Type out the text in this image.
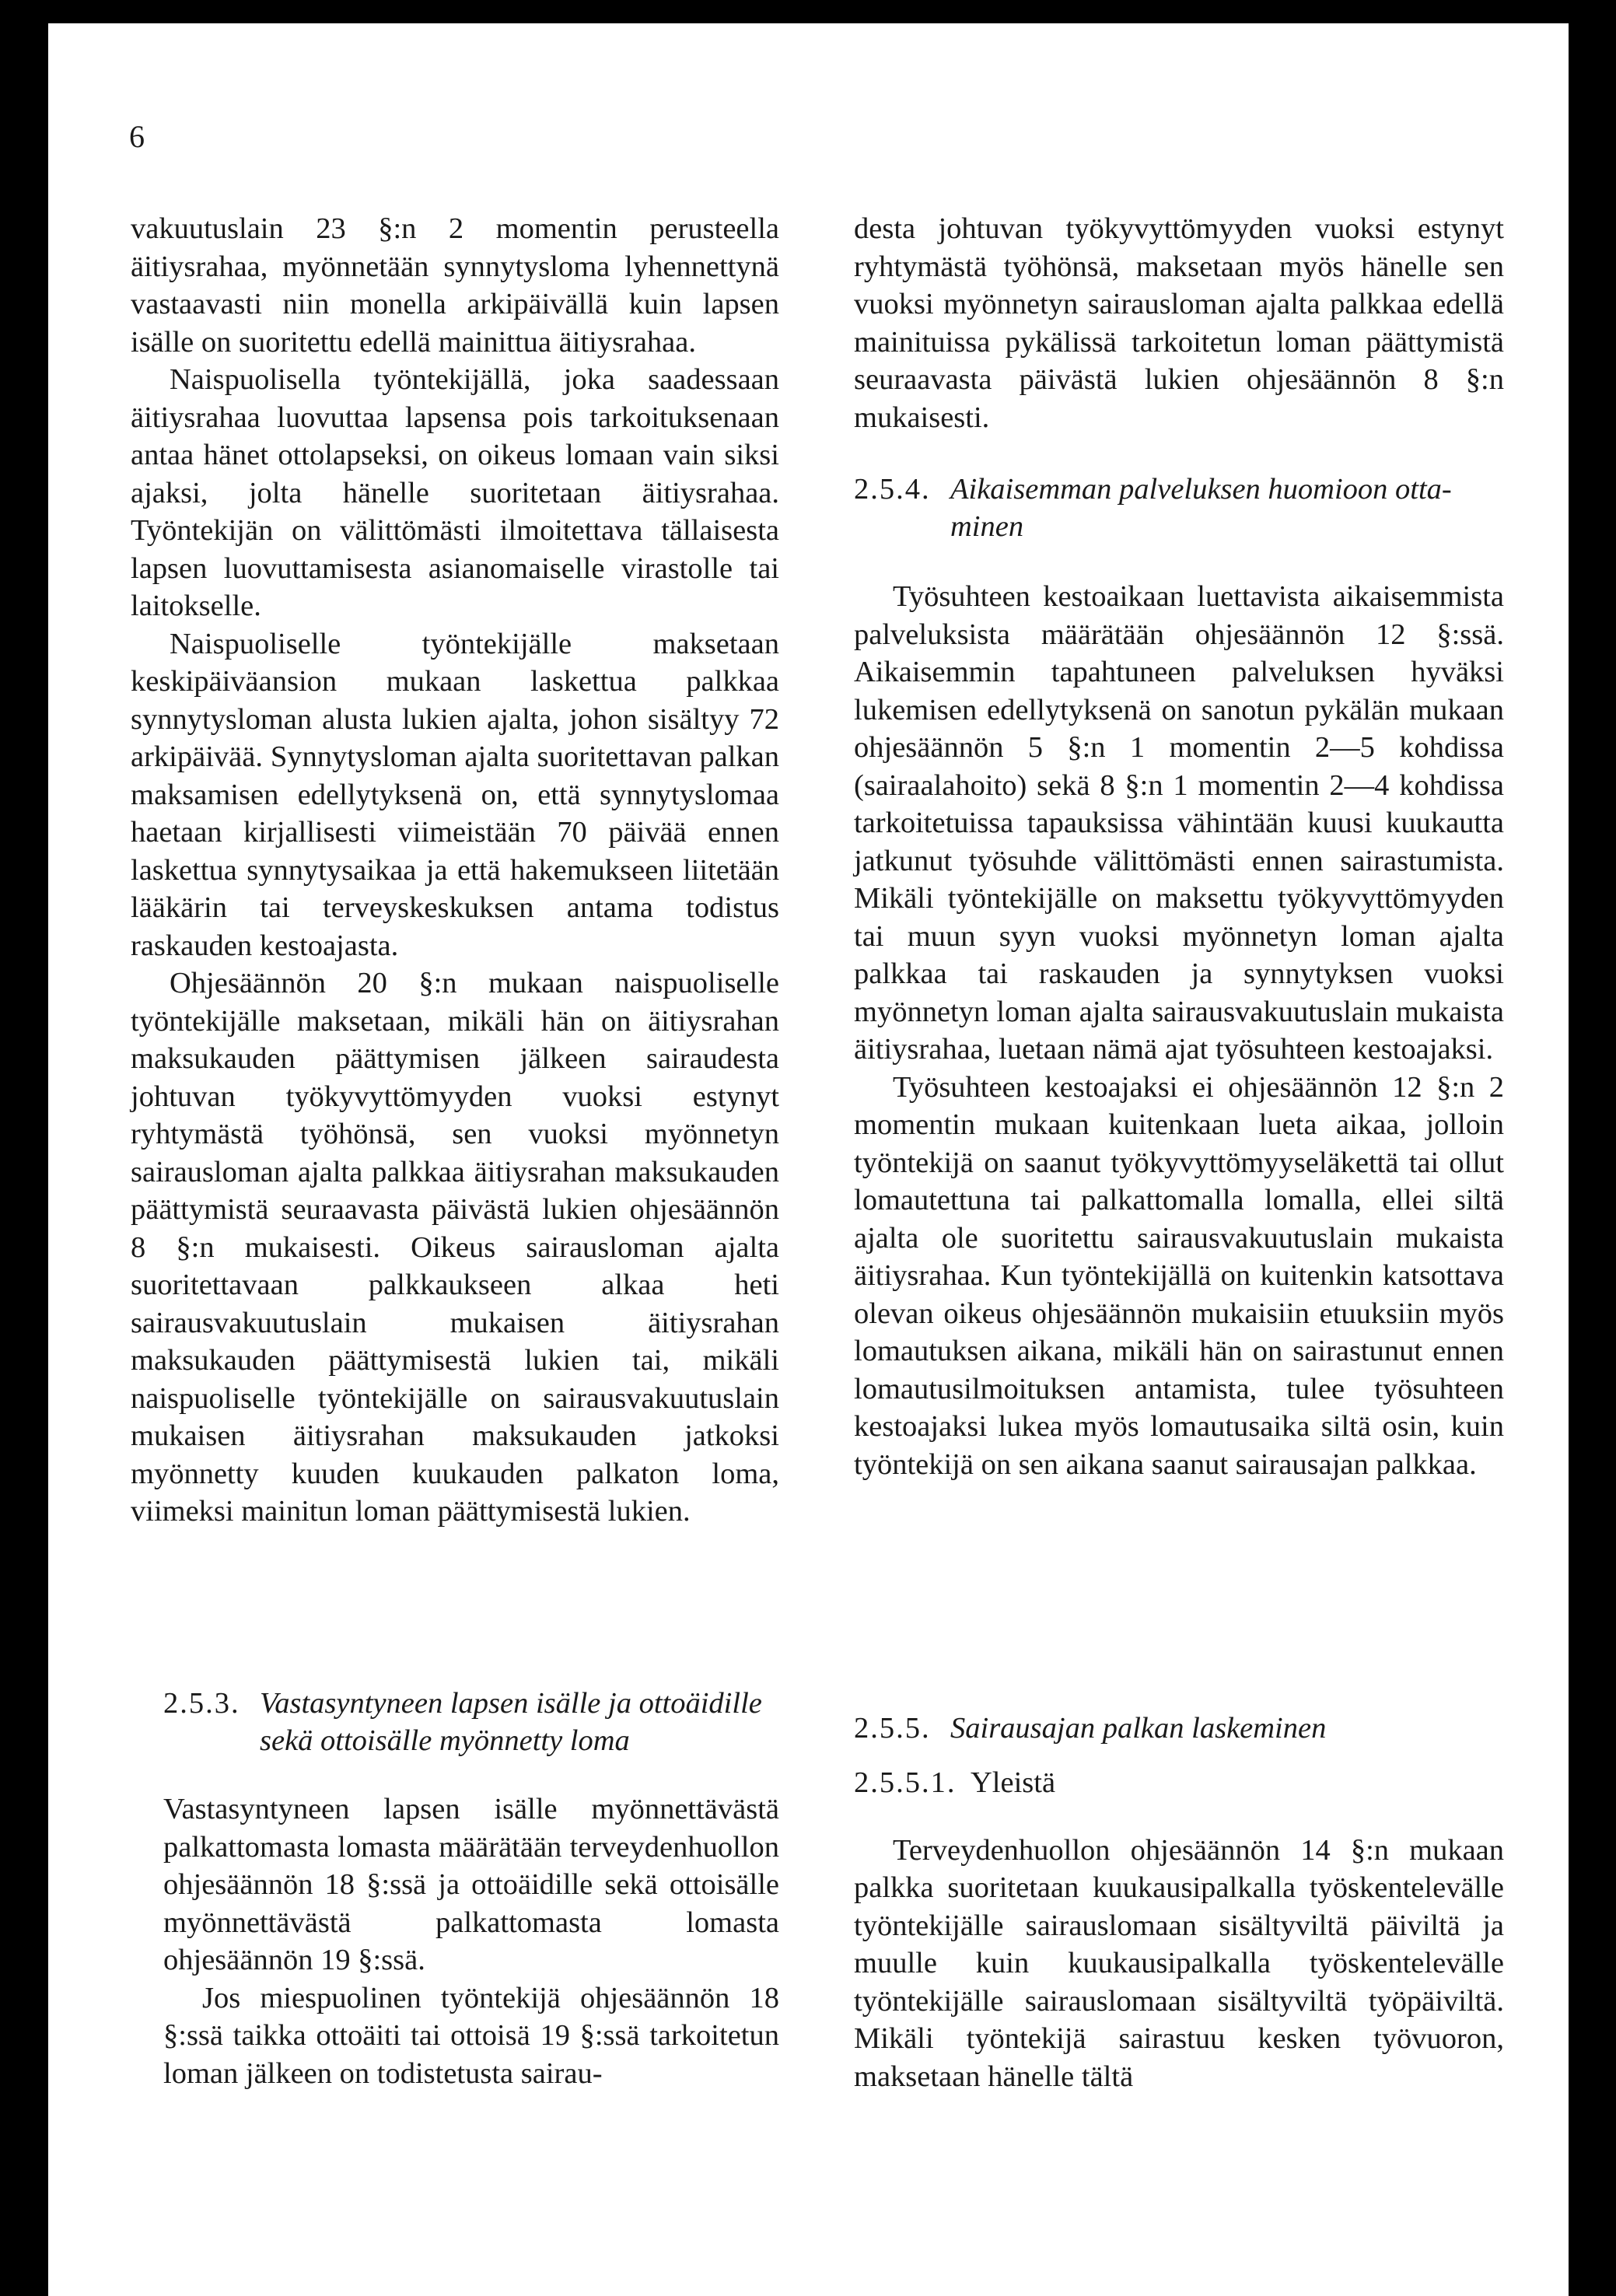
6

vakuutuslain 23 §:n 2 momentin perusteella äitiysrahaa, myönnetään synnytysloma lyhennettynä vastaavasti niin monella arkipäivällä kuin lapsen isälle on suoritettu edellä mainittua äitiysrahaa.

Naispuolisella työntekijällä, joka saadessaan äitiysrahaa luovuttaa lapsensa pois tarkoituksenaan antaa hänet ottolapseksi, on oikeus lomaan vain siksi ajaksi, jolta hänelle suoritetaan äitiysrahaa. Työntekijän on välittömästi ilmoitettava tällaisesta lapsen luovuttamisesta asianomaiselle virastolle tai laitokselle.

Naispuoliselle työntekijälle maksetaan keskipäiväansion mukaan laskettua palkkaa synnytysloman alusta lukien ajalta, johon sisältyy 72 arkipäivää. Synnytysloman ajalta suoritettavan palkan maksamisen edellytyksenä on, että synnytyslomaa haetaan kirjallisesti viimeistään 70 päivää ennen laskettua synnytysaikaa ja että hakemukseen liitetään lääkärin tai terveyskeskuksen antama todistus raskauden kestoajasta.

Ohjesäännön 20 §:n mukaan naispuoliselle työntekijälle maksetaan, mikäli hän on äitiysrahan maksukauden päättymisen jälkeen sairaudesta johtuvan työkyvyttömyyden vuoksi estynyt ryhtymästä työhönsä, sen vuoksi myönnetyn sairausloman ajalta palkkaa äitiysrahan maksukauden päättymistä seuraavasta päivästä lukien ohjesäännön 8 §:n mukaisesti. Oikeus sairausloman ajalta suoritettavaan palkkaukseen alkaa heti sairausvakuutuslain mukaisen äitiysrahan maksukauden päättymisestä lukien tai, mikäli naispuoliselle työntekijälle on sairausvakuutuslain mukaisen äitiysrahan maksukauden jatkoksi myönnetty kuuden kuukauden palkaton loma, viimeksi mainitun loman päättymisestä lukien.

desta johtuvan työkyvyttömyyden vuoksi estynyt ryhtymästä työhönsä, maksetaan myös hänelle sen vuoksi myönnetyn sairausloman ajalta palkkaa edellä mainituissa pykälissä tarkoitetun loman päättymistä seuraavasta päivästä lukien ohjesäännön 8 §:n mukaisesti.

2.5.4. Aikaisemman palveluksen huomioon otta-
minen

Työsuhteen kestoaikaan luettavista aikaisemmista palveluksista määrätään ohjesäännön 12 §:ssä. Aikaisemmin tapahtuneen palveluksen hyväksi lukemisen edellytyksenä on sanotun pykälän mukaan ohjesäännön 5 §:n 1 momentin 2—5 kohdissa (sairaalahoito) sekä 8 §:n 1 momentin 2—4 kohdissa tarkoitetuissa tapauksissa vähintään kuusi kuukautta jatkunut työsuhde välittömästi ennen sairastumista. Mikäli työntekijälle on maksettu työkyvyttömyyden tai muun syyn vuoksi myönnetyn loman ajalta palkkaa tai raskauden ja synnytyksen vuoksi myönnetyn loman ajalta sairausvakuutuslain mukaista äitiysrahaa, luetaan nämä ajat työsuhteen kestoajaksi.

Työsuhteen kestoajaksi ei ohjesäännön 12 §:n 2 momentin mukaan kuitenkaan lueta aikaa, jolloin työntekijä on saanut työkyvyttömyyseläkettä tai ollut lomautettuna tai palkattomalla lomalla, ellei siltä ajalta ole suoritettu sairausvakuutuslain mukaista äitiysrahaa. Kun työntekijällä on kuitenkin katsottava olevan oikeus ohjesäännön mukaisiin etuuksiin myös lomautuksen aikana, mikäli hän on sairastunut ennen lomautusilmoituksen antamista, tulee työsuhteen kestoajaksi lukea myös lomautusaika siltä osin, kuin työntekijä on sen aikana saanut sairausajan palkkaa.

2.5.3. Vastasyntyneen lapsen isälle ja ottoäidille
sekä ottoisälle myönnetty loma

Vastasyntyneen lapsen isälle myönnettävästä palkattomasta lomasta määrätään terveydenhuollon ohjesäännön 18 §:ssä ja ottoäidille sekä ottoisälle myönnettävästä palkattomasta lomasta ohjesäännön 19 §:ssä.

Jos miespuolinen työntekijä ohjesäännön 18 §:ssä taikka ottoäiti tai ottoisä 19 §:ssä tarkoitetun loman jälkeen on todistetusta sairau-

2.5.5. Sairausajan palkan laskeminen
2.5.5.1. Yleistä

Terveydenhuollon ohjesäännön 14 §:n mukaan palkka suoritetaan kuukausipalkalla työskentelevälle työntekijälle sairauslomaan sisältyviltä päiviltä ja muulle kuin kuukausipalkalla työskentelevälle työntekijälle sairauslomaan sisältyviltä työpäiviltä. Mikäli työntekijä sairastuu kesken työvuoron, maksetaan hänelle tältä
